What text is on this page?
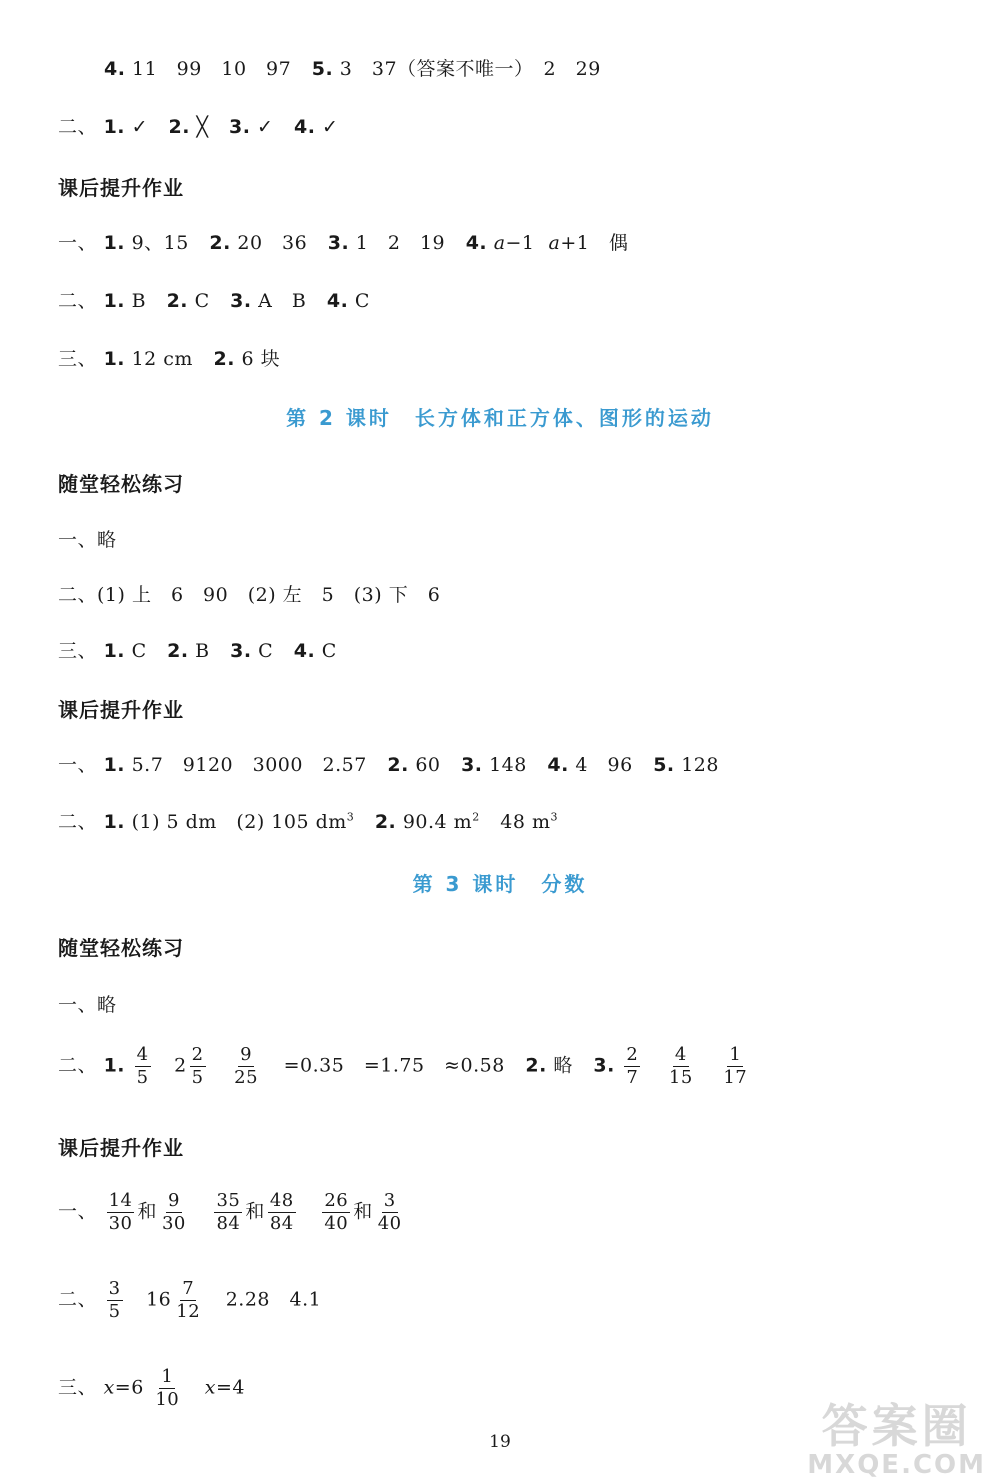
4. 11　99　10　97 5. 3　37（答案不唯一）　2　29
二、 1. ✓ 2. ╳ 3. ✓ 4. ✓
课后提升作业
一、 1. 9、15 2. 20　36 3. 1　2　19 4. a−1 a+1　偶
二、 1. B 2. C 3. A　B 4. C
三、 1. 12 cm 2. 6 块
第 2 课时　长方体和正方体、图形的运动
随堂轻松练习
一、略
二、(1) 上　6　90　(2) 左　5　(3) 下　6
三、 1. C 2. B 3. C 4. C
课后提升作业
一、 1. 5.7　9120　3000　2.57 2. 60 3. 148 4. 4　96 5. 128
二、 1. (1) 5 dm　(2) 105 $dm^3$ 2. 90.4 $m^2$ 48 $m^3$
第 3 课时　分数
随堂轻松练习
一、略
二、 1. $\frac{4}{5} 2 \frac{2}{5}$
$\frac{9}{25} =0.35$　=1.75　≈0.58 2. 略 3. $\frac{2}{7}$
$\frac{4}{15}$
$\frac{1}{17}$
课后提升作业
一、 $\frac{14}{30}$ 和 $\frac{9}{30}$
$\frac{35}{84}$ 和 $\frac{48}{84}$
$\frac{26}{40}$ 和 $\frac{3}{40}$
二、 $\frac{3}{5} 16 \frac{7}{12} 2.28$　4.1
三、 $x=6 \frac{1}{10} x=4$
19	答案圈
MXQE.COM
